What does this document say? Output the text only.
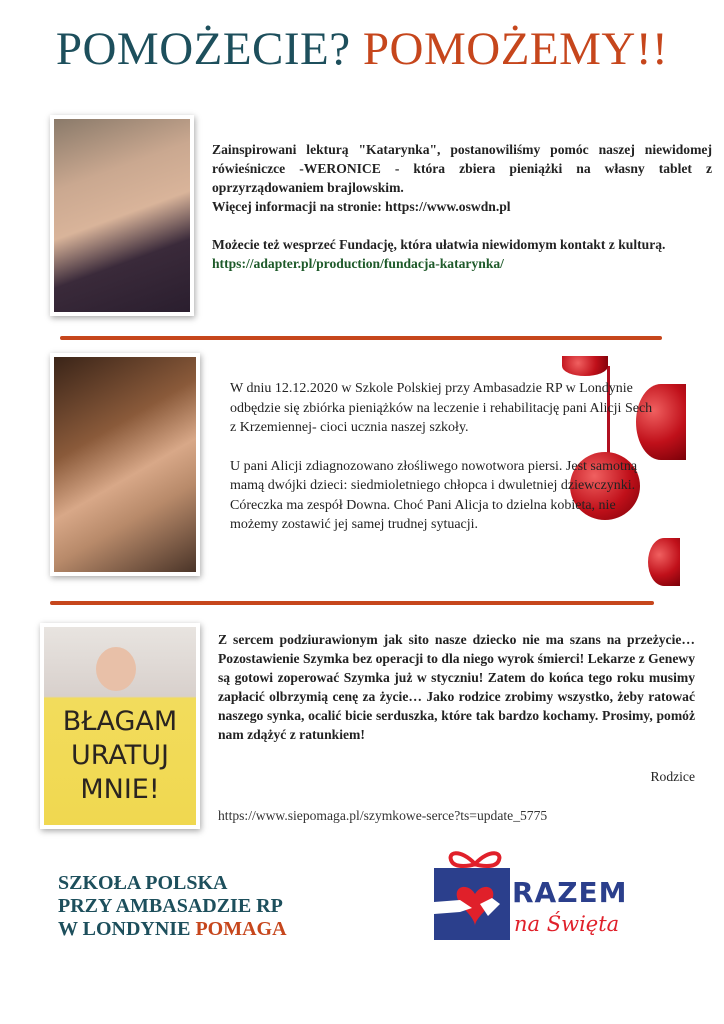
POMOŻECIE? POMOŻEMY!!
Zainspirowani lekturą "Katarynka", postanowiliśmy pomóc naszej niewidomej rówieśniczce -WERONICE - która zbiera pieniążki na własny tablet z oprzyrządowaniem brajlowskim.
Więcej informacji na stronie: https://www.oswdn.pl
Możecie też wesprzeć Fundację, która ułatwia niewidomym kontakt z kulturą.  https://adapter.pl/production/fundacja-katarynka/
W dniu 12.12.2020 w Szkole Polskiej przy Ambasadzie RP w Londynie odbędzie się zbiórka pieniążków na leczenie i rehabilitację pani Alicji Sech z Krzemiennej- cioci ucznia naszej szkoły.
U pani Alicji zdiagnozowano złośliwego nowotwora piersi. Jest samotną mamą dwójki dzieci: siedmioletniego chłopca i dwuletniej dziewczynki. Córeczka ma zespół Downa. Choć Pani Alicja to dzielna kobieta, nie możemy zostawić jej samej trudnej sytuacji.
BŁAGAM URATUJ MNIE!
Z sercem podziurawionym jak sito nasze dziecko nie ma szans na przeżycie… Pozostawienie Szymka bez operacji to dla niego wyrok śmierci! Lekarze z Genewy są gotowi zoperować Szymka już w styczniu! Zatem do końca tego roku musimy zapłacić olbrzymią cenę za życie… Jako rodzice zrobimy wszystko, żeby ratować naszego synka, ocalić bicie serduszka, które tak bardzo kochamy. Prosimy, pomóż nam zdążyć z ratunkiem!
Rodzice
https://www.siepomaga.pl/szymkowe-serce?ts=update_5775
SZKOŁA POLSKA
PRZY AMBASADZIE RP
W LONDYNIE POMAGA
RAZEM
na Święta
